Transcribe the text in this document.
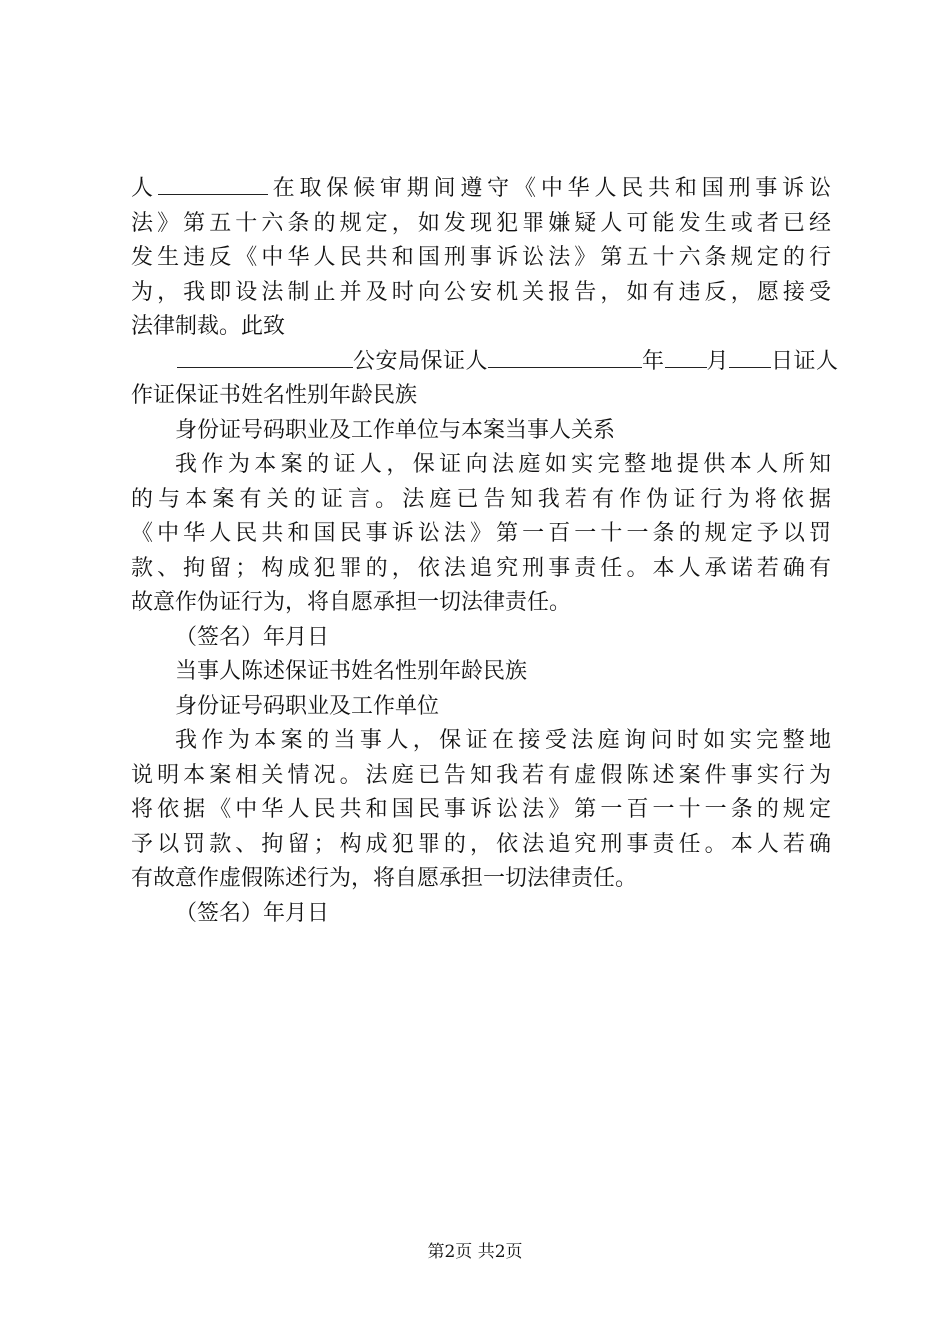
人	在取保候审期间遵守《中华人民共和国刑事诉讼
法》第五十六条的规定，如发现犯罪嫌疑人可能发生或者已经
发生违反《中华人民共和国刑事诉讼法》第五十六条规定的行
为，我即设法制止并及时向公安机关报告，如有违反，愿接受
法律制裁。此致
公安局保证人	年 月 日证人
作证保证书姓名性别年龄民族
身份证号码职业及工作单位与本案当事人关系
我作为本案的证人，保证向法庭如实完整地提供本人所知
的与本案有关的证言。法庭已告知我若有作伪证行为将依据
《中华人民共和国民事诉讼法》第一百一十一条的规定予以罚
款、拘留；构成犯罪的，依法追究刑事责任。本人承诺若确有
故意作伪证行为，将自愿承担一切法律责任。
（签名）年月日
当事人陈述保证书姓名性别年龄民族
身份证号码职业及工作单位
我作为本案的当事人，保证在接受法庭询问时如实完整地
说明本案相关情况。法庭已告知我若有虚假陈述案件事实行为
将依据《中华人民共和国民事诉讼法》第一百一十一条的规定
予以罚款、拘留；构成犯罪的，依法追究刑事责任。本人若确
有故意作虚假陈述行为，将自愿承担一切法律责任。
（签名）年月日
第2页 共2页
